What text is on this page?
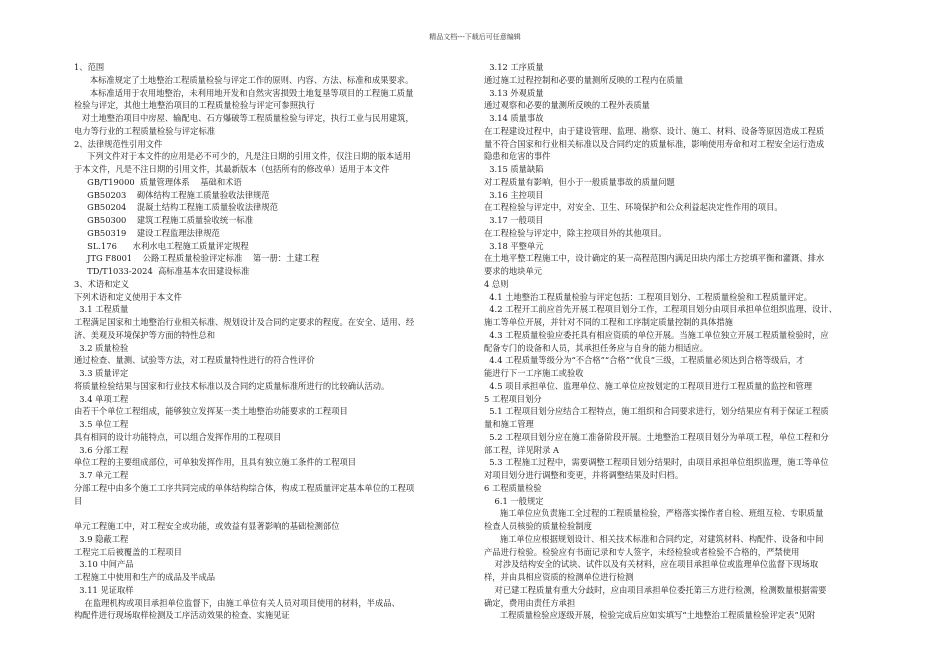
精品文档---下载后可任意编辑
1、范围
本标准规定了土地整治工程质量检验与评定工作的原则、内容、方法、标准和成果要求。
本标准适用于农用地整治，未利用地开发和自然灾害损毁土地复垦等项目的工程施工质量
检验与评定，其他土地整治项目的工程质量检验与评定可参照执行
对土地整治项目中房屋、输配电、石方爆破等工程质量检验与评定，执行工业与民用建筑，
电力等行业的工程质量检验与评定标准
2、法律规范性引用文件
下列文件对于本文件的应用是必不可少的，凡是注日期的引用文件，仅注日期的版本适用
于本文件，凡是不注日期的引用文件，其最新版本（包括所有的修改单）适用于本文件
GB/T19000  质量管理体系    基础和术语
GB50203    砌体结构工程施工质量验收法律规范
GB50204    混凝土结构工程施工质量验收法律规范
GB50300    建筑工程施工质量验收统一标准
GB50319    建设工程监理法律规范
SL.176      水利水电工程施工质量评定规程
JTG F8001    公路工程质量检验评定标准    第一册：土建工程
TD/T1033-2024  高标准基本农田建设标准
3、术语和定义
下列术语和定义使用于本文件
3.1 工程质量
工程满足国家和土地整治行业相关标准、规划设计及合同约定要求的程度。在安全、适用、经
济、美观及环境保护等方面的特性总和
3.2 质量检验
通过检查、量测、试验等方法，对工程质量特性进行的符合性评价
3.3 质量评定
将质量检验结果与国家和行业技术标准以及合同约定质量标准所进行的比较确认活动。
3.4 单项工程
由若干个单位工程组成，能够独立发挥某一类土地整治功能要求的工程项目
3.5 单位工程
具有相同的设计功能特点，可以组合发挥作用的工程项目
3.6 分部工程
单位工程的主要组成部位，可单独发挥作用，且具有独立施工条件的工程项目
3.7 单元工程
分部工程中由多个施工工序共同完成的单体结构综合体，构成工程质量评定基本单位的工程项
目
单元工程施工中，对工程安全或功能，或效益有显著影响的基础检测部位
3.9 隐蔽工程
工程完工后被覆盖的工程项目
3.10 中间产品
工程施工中使用和生产的成品及半成品
3.11 见证取样
在监理机构或项目承担单位监督下，由施工单位有关人员对项目使用的材料，半成品、
构配件进行现场取样检测及工序活动效果的检查、实施见证
3.12 工序质量
通过施工过程控制和必要的量测所反映的工程内在质量
3.13 外观质量
通过观察和必要的量测所反映的工程外表质量
3.14 质量事故
在工程建设过程中，由于建设管理、监理、勘察、设计、施工、材料、设备等原因造成工程质
量不符合国家和行业相关标准以及合同约定的质量标准，影响使用寿命和对工程安全运行造成
隐患和危害的事件
3.15 质量缺陷
对工程质量有影响，但小于一般质量事故的质量问题
3.16 主控项目
在工程检验与评定中，对安全、卫生、环境保护和公众利益起决定性作用的项目。
3.17 一般项目
在工程检验与评定中，除主控项目外的其他项目。
3.18 平整单元
在土地平整工程施工中，设计确定的某一高程范围内满足田块内部土方挖填平衡和灌溉、排水
要求的地块单元
4 总则
4.1 土地整治工程质量检验与评定包括：工程项目划分、工程质量检验和工程质量评定。
4.2 工程开工前应首先开展工程项目划分工作，工程项目划分由项目承担单位组织监理、设计、
施工等单位开展，并针对不同的工程和工序制定质量控制的具体措施
4.3 工程质量检验应委托具有相应资质的单位开展。当施工单位独立开展工程质量检验时，应
配备专门的设备和人员，其承担任务应与自身的能力相适应。
4.4 工程质量等级分为“不合格”“合格”“优良”三级，工程质量必须达到合格等级后，才
能进行下一工序施工或验收
4.5 项目承担单位、监理单位、施工单位应按划定的工程项目进行工程质量的监控和管理
5 工程项目划分
5.1 工程项目划分应结合工程特点，施工组织和合同要求进行，划分结果应有利于保证工程质
量和施工管理
5.2 工程项目划分应在施工准备阶段开展。土地整治工程项目划分为单项工程，单位工程和分
部工程，详见附录 A
5.3 工程施工过程中，需要调整工程项目划分结果时，由项目承担单位组织监理，施工等单位
对项目划分进行调整和变更，并将调整结果及时归档。
6 工程质量检验
6.1 一般规定
施工单位应负责施工全过程的工程质量检验，严格落实操作者自检、班组互检、专职质量
检查人员核验的质量检验制度
施工单位应根据规划设计、相关技术标准和合同约定，对建筑材料、构配件、设备和中间
产品进行检验。检验应有书面记录和专人签字，未经检验或者检验不合格的，严禁使用
对涉及结构安全的试块、试件以及有关材料，应在项目承担单位或监理单位监督下现场取
样，并由具相应资质的检测单位进行检测
对已建工程质量有重大分歧时，应由项目承担单位委托第三方进行检测，检测数量根据需要
确定，费用由责任方承担
工程质量检验应逐级开展，检验完成后应如实填写“土地整治工程质量检验评定表”见附
